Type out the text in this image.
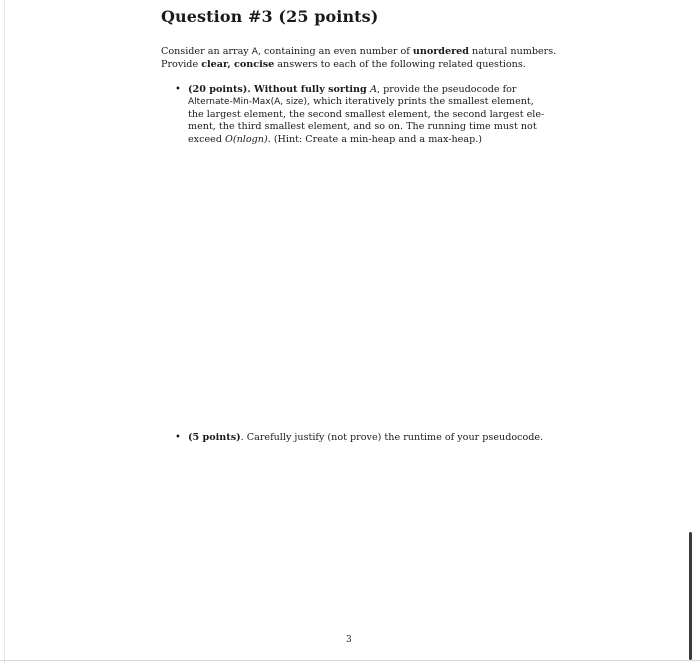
Question #3 (25 points)
Consider an array A, containing an even number of unordered natural numbers.
Provide clear, concise answers to each of the following related questions.
• (20 points). Without fully sorting A, provide the pseudocode for
Alternate-Min-Max(A, size), which iteratively prints the smallest element,
the largest element, the second smallest element, the second largest ele-
ment, the third smallest element, and so on. The running time must not
exceed O(nlogn). (Hint: Create a min-heap and a max-heap.)
• (5 points). Carefully justify (not prove) the runtime of your pseudocode.
3
